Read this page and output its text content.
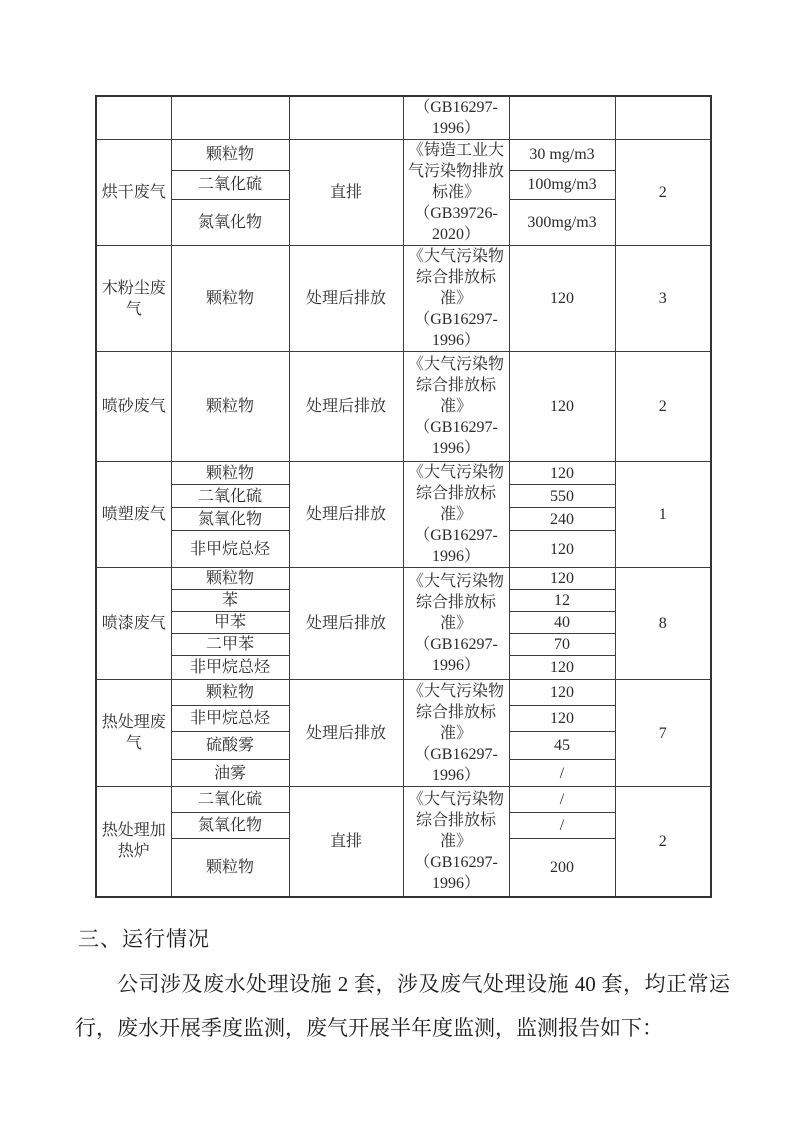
			（GB16297-1996）		
烘干废气	颗粒物	直排	《铸造工业大气污染物排放标准》（GB39726-2020）	30 mg/m3	2
	二氧化硫			100mg/m3	
	氮氧化物			300mg/m3	
木粉尘废气	颗粒物	处理后排放	《大气污染物综合排放标准》（GB16297-1996）	120	3
喷砂废气	颗粒物	处理后排放	《大气污染物综合排放标准》（GB16297-1996）	120	2
喷塑废气	颗粒物	处理后排放	《大气污染物综合排放标准》（GB16297-1996）	120	1
	二氧化硫			550	
	氮氧化物			240	
	非甲烷总烃			120	
喷漆废气	颗粒物	处理后排放	《大气污染物综合排放标准》（GB16297-1996）	120	8
	苯			12	
	甲苯			40	
	二甲苯			70	
	非甲烷总烃			120	
热处理废气	颗粒物	处理后排放	《大气污染物综合排放标准》（GB16297-1996）	120	7
	非甲烷总烃			120	
	硫酸雾			45	
	油雾			/	
热处理加热炉	二氧化硫	直排	《大气污染物综合排放标准》（GB16297-1996）	/	2
	氮氧化物			/	
	颗粒物			200	
三、运行情况
公司涉及废水处理设施 2 套，涉及废气处理设施 40 套，均正常运行，废水开展季度监测，废气开展半年度监测，监测报告如下：
